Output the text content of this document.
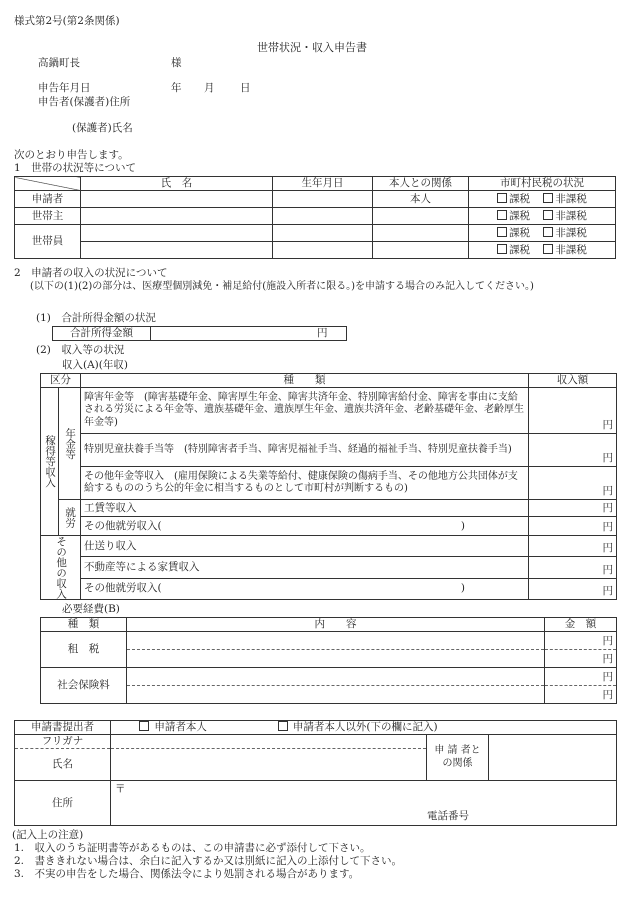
様式第2号(第2条関係)
世帯状況・収入申告書
高鍋町長	様
申告年月日	年 月 日
申告者(保護者)住所
(保護者)氏名
次のとおり申告します。
1　世帯の状況等について
	氏　名	生年月日	本人との関係	市町村民税の状況
申請者			本人	課税 非課税
世帯主				課税 非課税
世帯員				課税 非課税
				課税 非課税
2　申請者の収入の状況について
(以下の(1)(2)の部分は、医療型個別減免・補足給付(施設入所者に限る。)を申請する場合のみ記入してください。)
(1)　合計所得金額の状況
合計所得金額	円
(2)　収入等の状況
収入(A)(年収)
区分		種　　類	収入額
稼得等収入	年金等	障害年金等　(障害基礎年金、障害厚生年金、障害共済年金、特別障害給付金、障害を事由に支給される労災による年金等、遺族基礎年金、遺族厚生年金、遺族共済年金、老齢基礎年金、老齢厚生年金等)	円
		特別児童扶養手当等　(特別障害者手当、障害児福祉手当、経過的福祉手当、特別児童扶養手当)	円
		その他年金等収入　(雇用保険による失業等給付、健康保険の傷病手当、その他地方公共団体が支給するもののうち公的年金に相当するものとして市町村が判断するもの)	円
	就労	工賃等収入	円
		その他就労収入( )	円
その他の収入		仕送り収入	円
		不動産等による家賃収入	円
		その他就労収入( )	円
必要経費(B)
種　類	内　　容	金　額
租　税		円
		円
社会保険料		円
		円
申請書提出者	申請者本人 申請者本人以外(下の欄に記入)		
フリガナ		申 請 者との関係	
氏名			
住所	〒
電話番号		
(記入上の注意)
1.　収入のうち証明書等があるものは、この申請書に必ず添付して下さい。
2.　書ききれない場合は、余白に記入するか又は別紙に記入の上添付して下さい。
3.　不実の申告をした場合、関係法令により処罰される場合があります。
